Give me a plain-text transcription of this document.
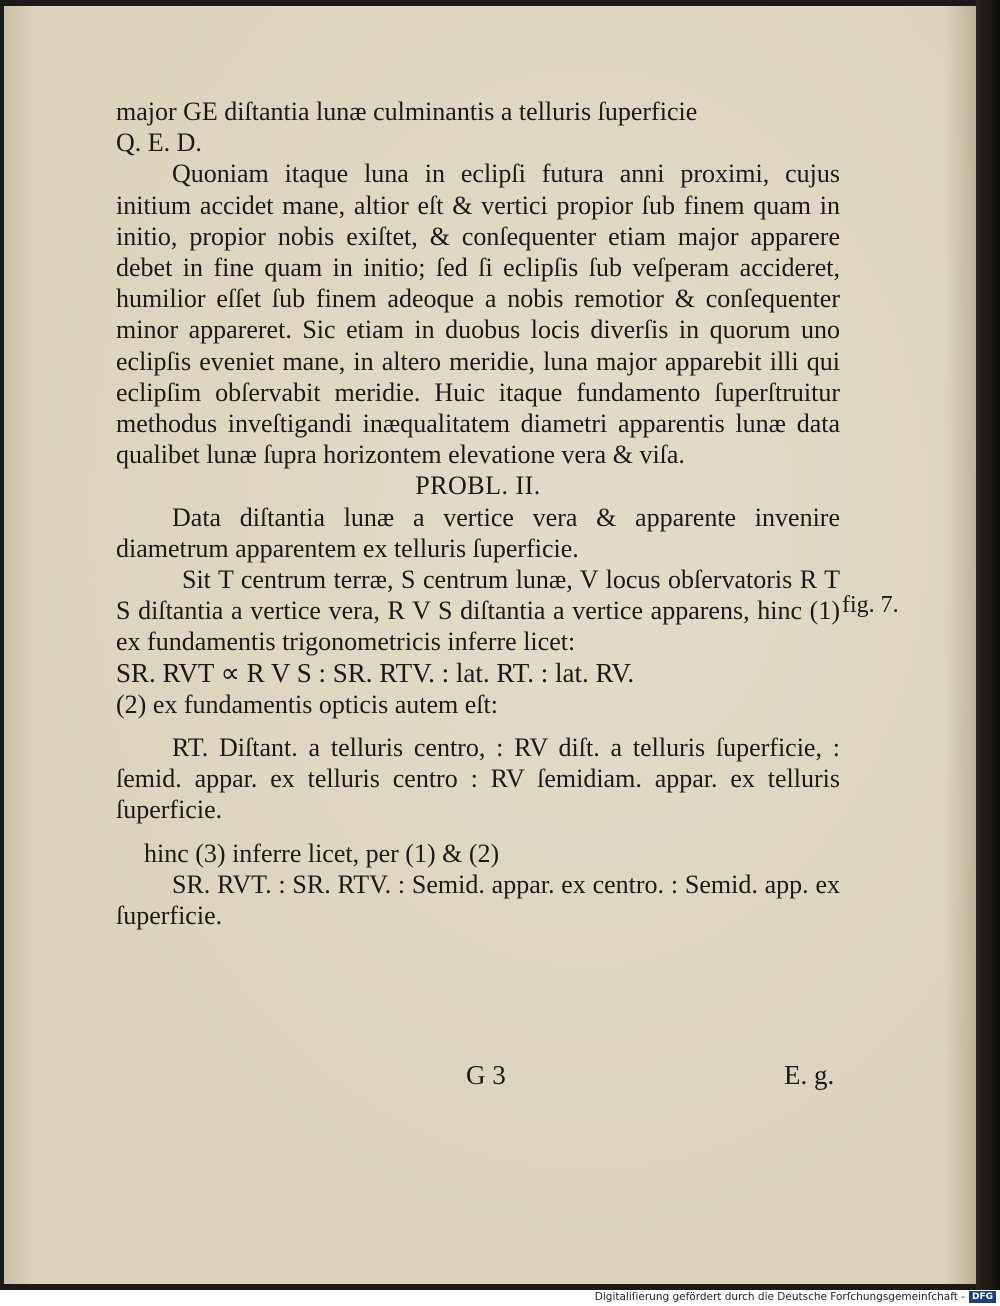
major GE diſtantia lunæ culminantis a telluris ſuperficie

Q. E. D.

Quoniam itaque luna in eclipſi futura anni proximi, cujus initium accidet mane, altior eſt & vertici propior ſub finem quam in initio, propior nobis exiſtet, & conſequenter etiam major apparere debet in fine quam in initio; ſed ſi eclipſis ſub veſperam accideret, humilior eſſet ſub finem adeoque a nobis remotior & conſequenter minor appareret. Sic etiam in duobus locis diverſis in quorum uno eclipſis eveniet mane, in altero meridie, luna major apparebit illi qui eclipſim obſervabit meridie. Huic itaque fundamento ſuperſtruitur methodus inveſtigandi inæqualitatem diametri apparentis lunæ data qualibet lunæ ſupra horizontem elevatione vera & viſa.

PROBL. II.

Data diſtantia lunæ a vertice vera & apparente invenire diametrum apparentem ex telluris ſuperficie.

Sit T centrum terræ, S centrum lunæ, V locus obſervatoris R T S diſtantia a vertice vera, R V S diſtantia a vertice apparens, hinc (1) ex fundamentis trigonometricis inferre licet:

SR. RVT ∝ R V S : SR. RTV. : lat. RT. : lat. RV.

(2) ex fundamentis opticis autem eſt:

RT. Diſtant. a telluris centro, : RV diſt. a telluris ſuperficie, : ſemid. appar. ex telluris centro : RV ſemidiam. appar. ex telluris ſuperficie.

hinc (3) inferre licet, per (1) & (2)

SR. RVT. : SR. RTV. : Semid. appar. ex centro. : Semid. app. ex ſuperficie.

fig. 7.
G 3	E. g.
Digitaliſierung gefördert durch die Deutsche Forſchungsgemeinſchaft - DFG
